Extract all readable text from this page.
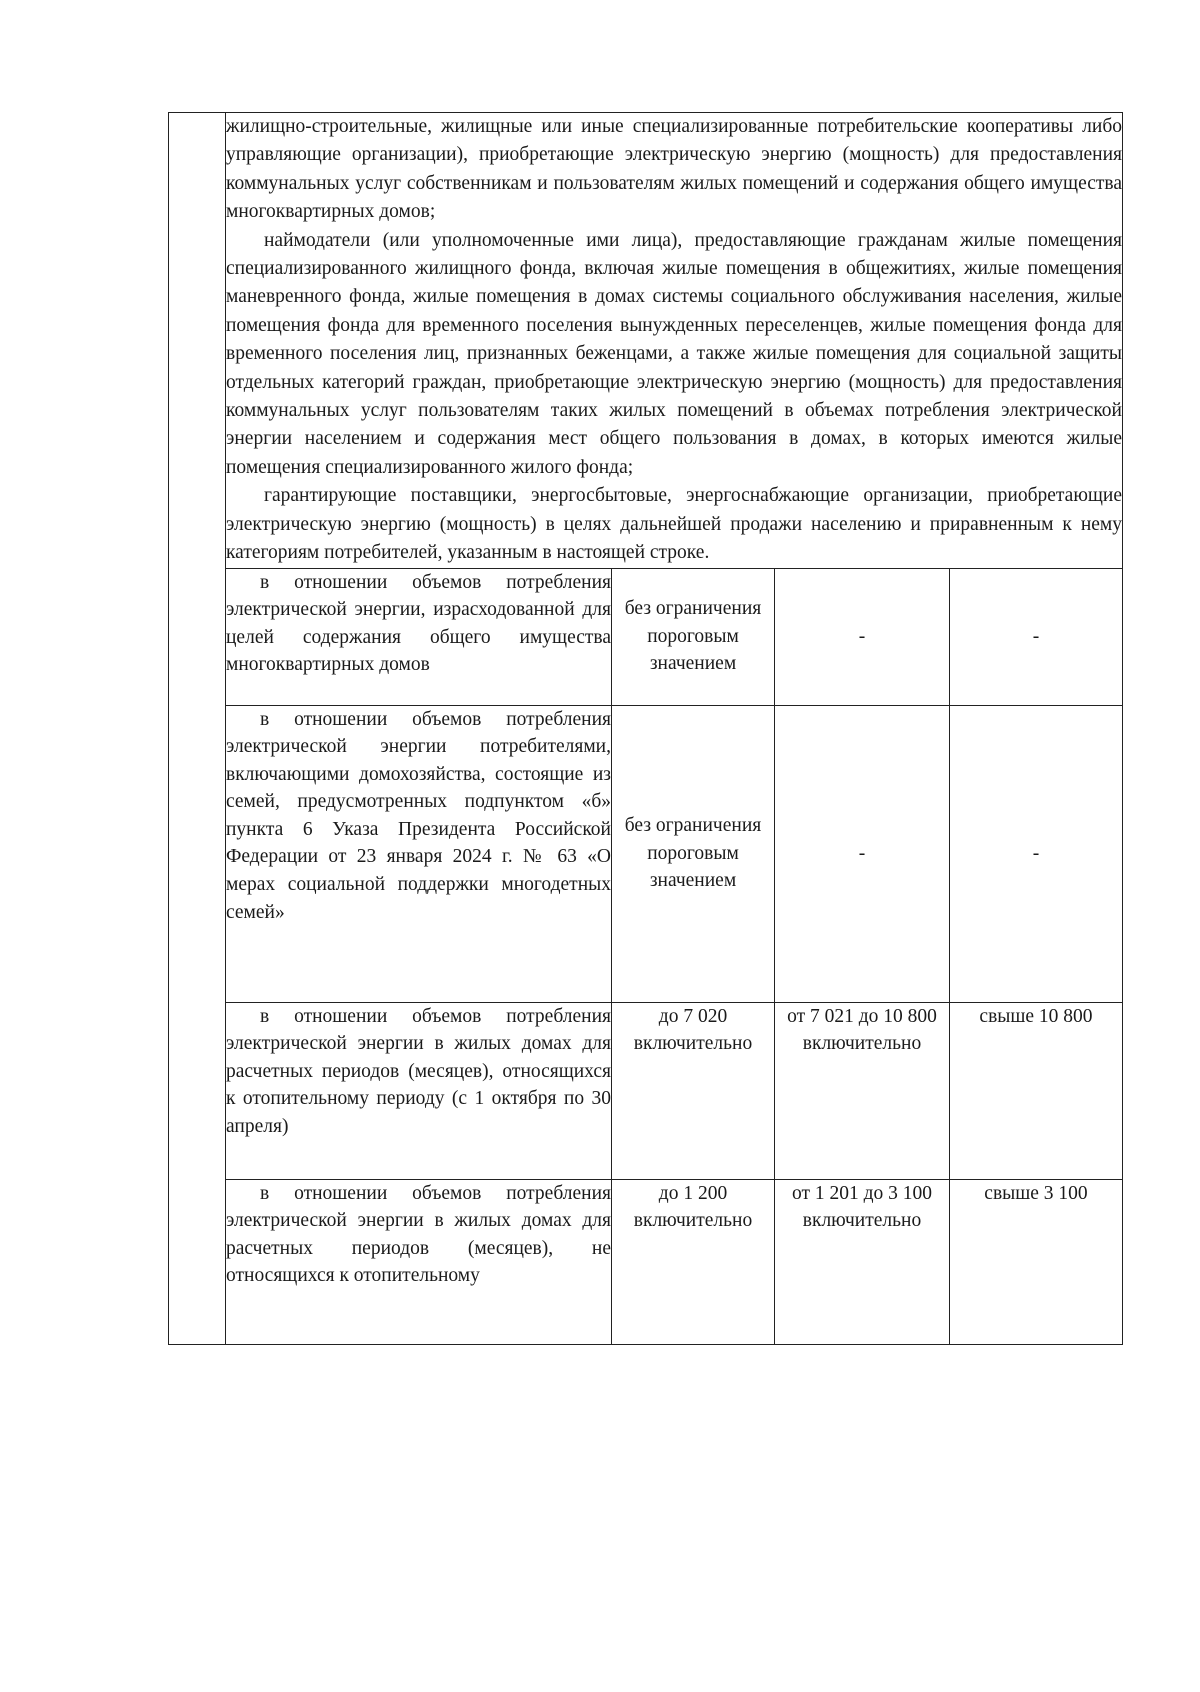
	жилищно-строительные, жилищные или иные специализированные потребительские кооперативы либо управляющие организации), приобретающие электрическую энергию (мощность) для предоставления коммунальных услуг собственникам и пользователям жилых помещений и содержания общего имущества многоквартирных домов;

наймодатели (или уполномоченные ими лица), предоставляющие гражданам жилые помещения специализированного жилищного фонда, включая жилые помещения в общежитиях, жилые помещения маневренного фонда, жилые помещения в домах системы социального обслуживания населения, жилые помещения фонда для временного поселения вынужденных переселенцев, жилые помещения фонда для временного поселения лиц, признанных беженцами, а также жилые помещения для социальной защиты отдельных категорий граждан, приобретающие электрическую энергию (мощность) для предоставления коммунальных услуг пользователям таких жилых помещений в объемах потребления электрической энергии населением и содержания мест общего пользования в домах, в которых имеются жилые помещения специализированного жилого фонда;

гарантирующие поставщики, энергосбытовые, энергоснабжающие организации, приобретающие электрическую энергию (мощность) в целях дальнейшей продажи населению и приравненным к нему категориям потребителей, указанным в настоящей строке.			

	в отношении объемов потребления электрической энергии, израсходованной для целей содержания общего имущества многоквартирных домов	без ограничения пороговым значением	-	-
	в отношении объемов потребления электрической энергии потребителями, включающими домохозяйства, состоящие из семей, предусмотренных подпунктом «б» пункта 6 Указа Президента Российской Федерации от 23 января 2024 г. № 63 «О мерах социальной поддержки многодетных семей»	без ограничения пороговым значением	-	-
	в отношении объемов потребления электрической энергии в жилых домах для расчетных периодов (месяцев), относящихся к отопительному периоду (с 1 октября по 30 апреля)	до 7 020 включительно	от 7 021 до 10 800 включительно	свыше 10 800
	в отношении объемов потребления электрической энергии в жилых домах для расчетных периодов (месяцев), не относящихся к отопительному	до 1 200 включительно	от 1 201 до 3 100 включительно	свыше 3 100
